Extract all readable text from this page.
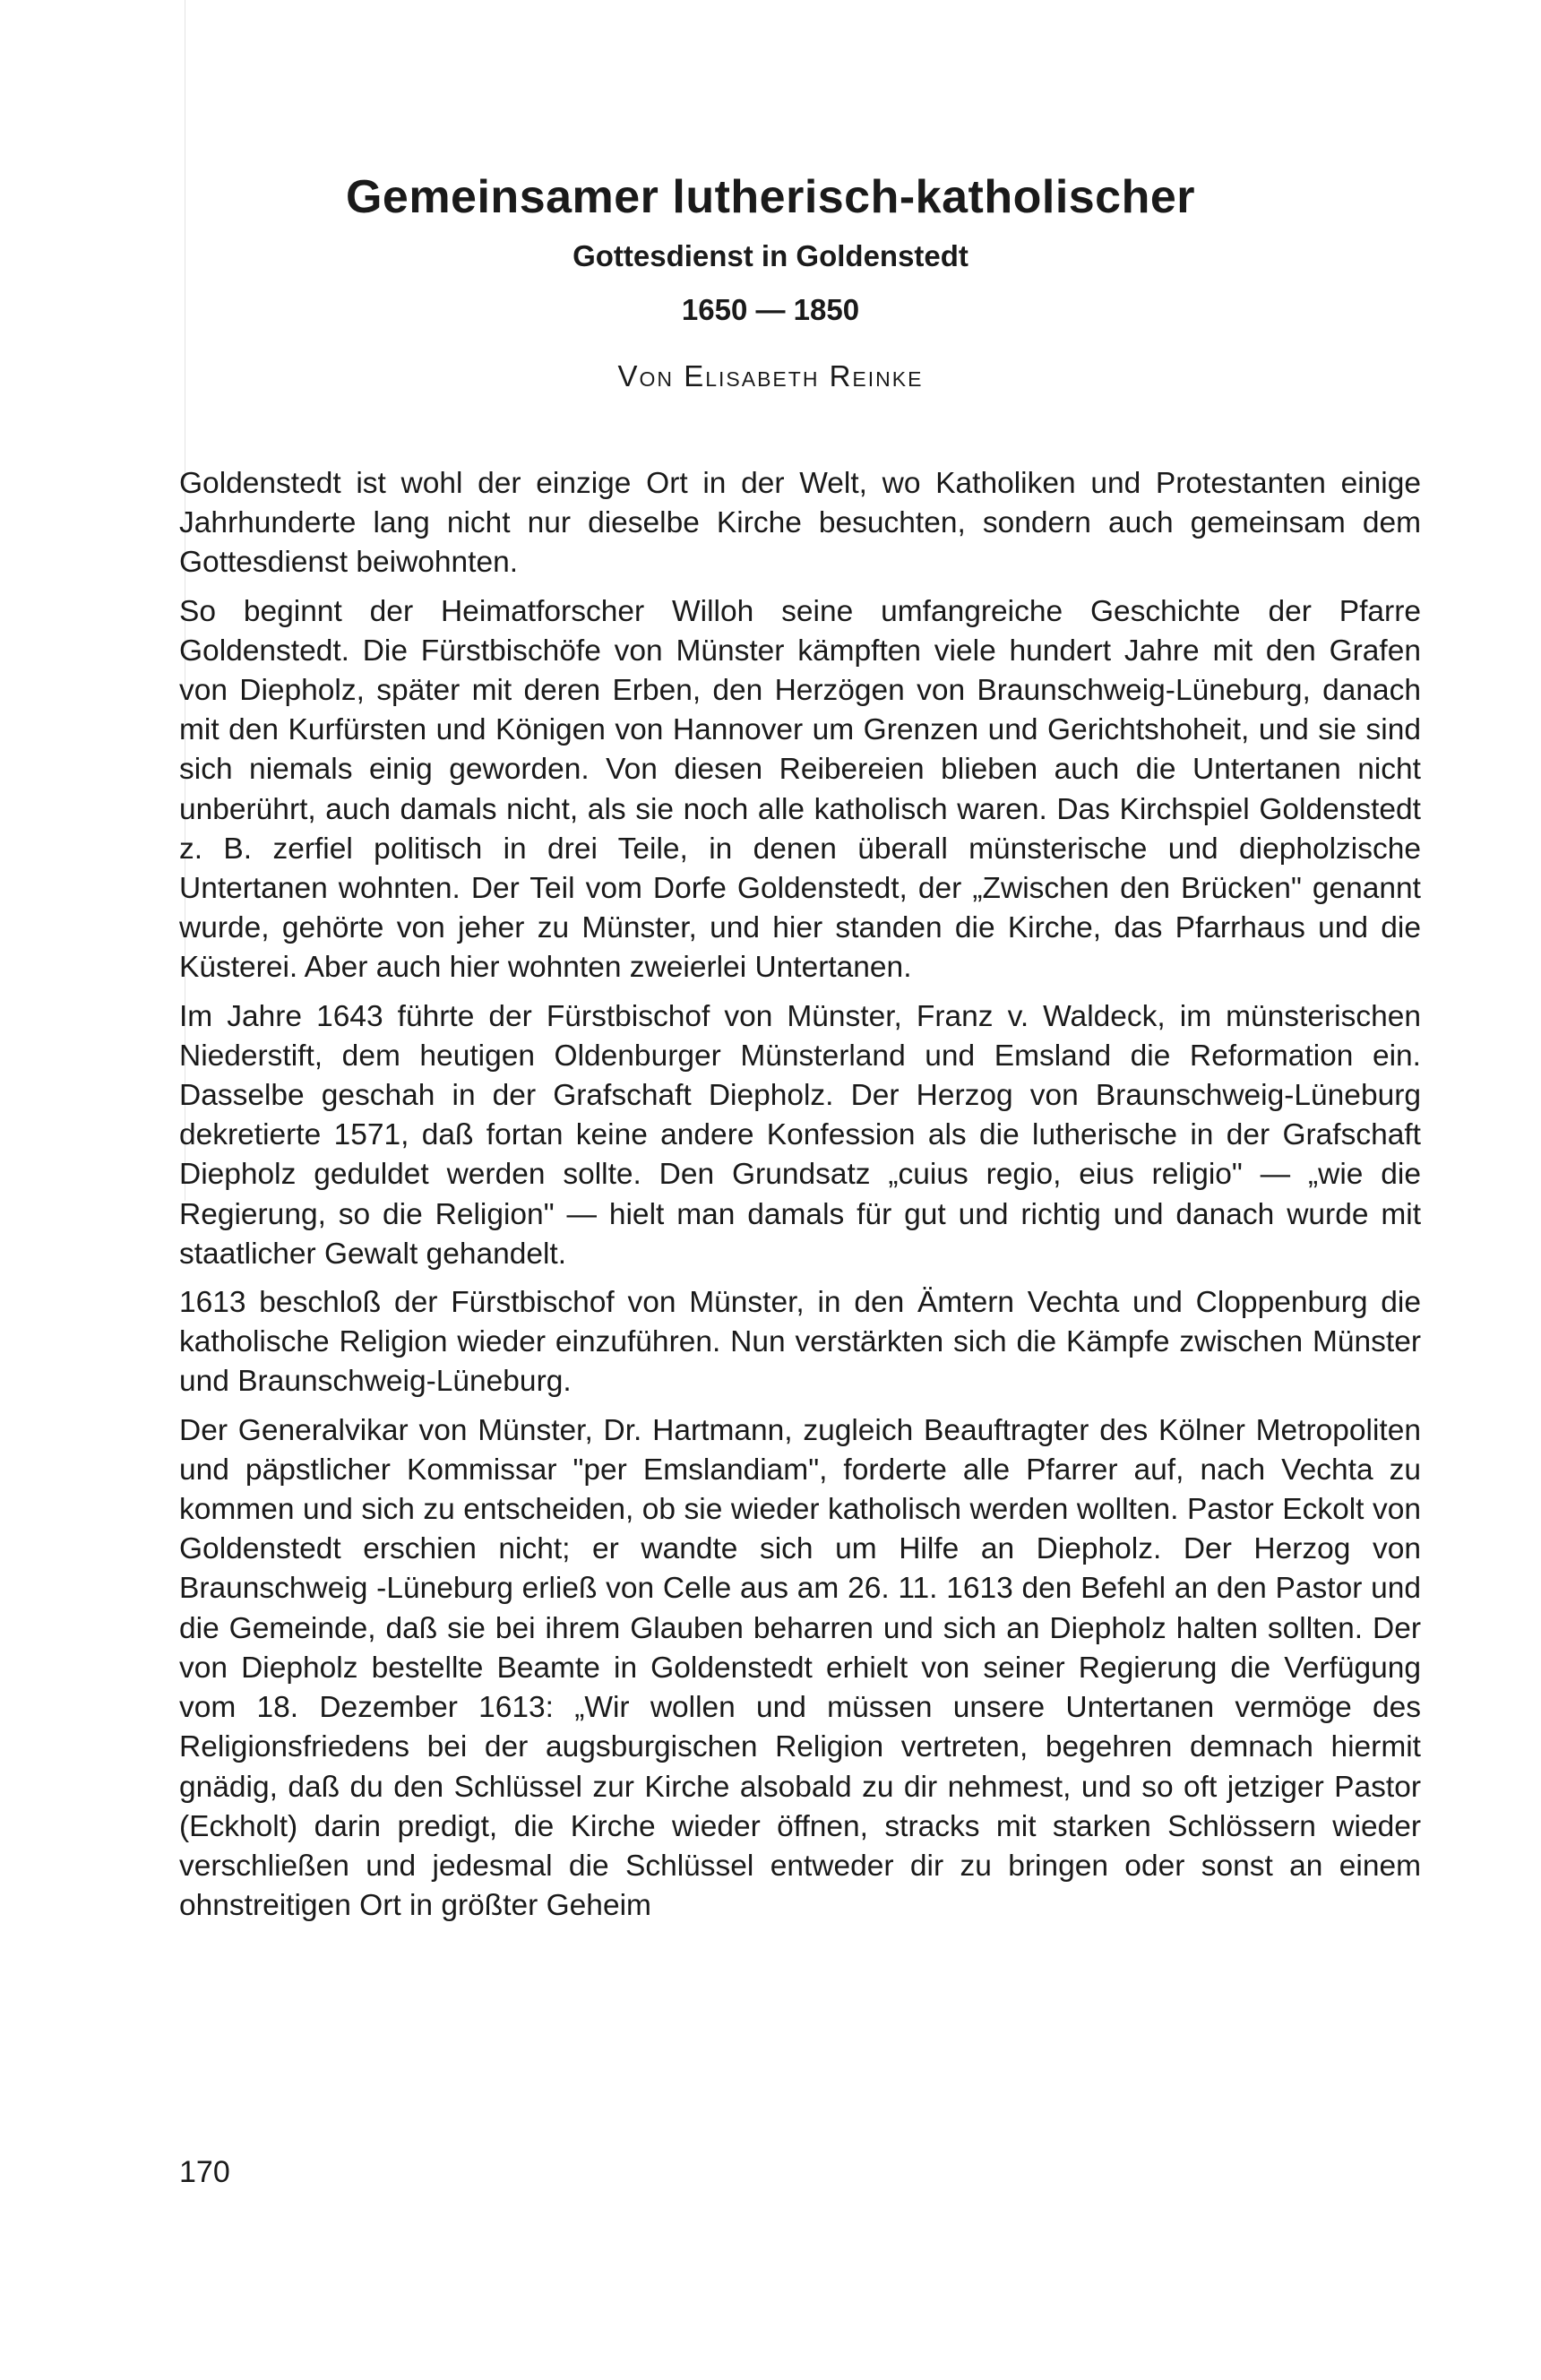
Gemeinsamer lutherisch-katholischer
Gottesdienst in Goldenstedt
1650 — 1850
Von Elisabeth Reinke

Goldenstedt ist wohl der einzige Ort in der Welt, wo Katholiken und Protestanten einige Jahrhunderte lang nicht nur dieselbe Kirche besuchten, sondern auch gemeinsam dem Gottesdienst beiwohnten.

So beginnt der Heimatforscher Willoh seine umfangreiche Geschichte der Pfarre Goldenstedt. Die Fürstbischöfe von Münster kämpften viele hundert Jahre mit den Grafen von Diepholz, später mit deren Erben, den Herzögen von Braunschweig-Lüneburg, danach mit den Kurfürsten und Königen von Hannover um Grenzen und Gerichtshoheit, und sie sind sich niemals einig geworden. Von diesen Reibereien blieben auch die Untertanen nicht unberührt, auch damals nicht, als sie noch alle katholisch waren. Das Kirchspiel Goldenstedt z. B. zerfiel politisch in drei Teile, in denen überall münsterische und diepholzische Untertanen wohnten. Der Teil vom Dorfe Goldenstedt, der „Zwischen den Brücken" genannt wurde, gehörte von jeher zu Münster, und hier standen die Kirche, das Pfarrhaus und die Küsterei. Aber auch hier wohnten zweierlei Untertanen.

Im Jahre 1643 führte der Fürstbischof von Münster, Franz v. Waldeck, im münsterischen Niederstift, dem heutigen Oldenburger Münsterland und Emsland die Reformation ein. Dasselbe geschah in der Grafschaft Diepholz. Der Herzog von Braunschweig-Lüneburg dekretierte 1571, daß fortan keine andere Konfession als die lutherische in der Grafschaft Diepholz geduldet werden sollte. Den Grundsatz „cuius regio, eius religio" — „wie die Regierung, so die Religion" — hielt man damals für gut und richtig und danach wurde mit staatlicher Gewalt gehandelt.

1613 beschloß der Fürstbischof von Münster, in den Ämtern Vechta und Cloppenburg die katholische Religion wieder einzuführen. Nun verstärkten sich die Kämpfe zwischen Münster und Braunschweig-Lüneburg.

Der Generalvikar von Münster, Dr. Hartmann, zugleich Beauftragter des Kölner Metropoliten und päpstlicher Kommissar "per Emslandiam", forderte alle Pfarrer auf, nach Vechta zu kommen und sich zu entscheiden, ob sie wieder katholisch werden wollten. Pastor Eckolt von Goldenstedt erschien nicht; er wandte sich um Hilfe an Diepholz. Der Herzog von Braunschweig -Lüneburg erließ von Celle aus am 26. 11. 1613 den Befehl an den Pastor und die Gemeinde, daß sie bei ihrem Glauben beharren und sich an Diepholz halten sollten. Der von Diepholz bestellte Beamte in Goldenstedt erhielt von seiner Regierung die Verfügung vom 18. Dezember 1613: „Wir wollen und müssen unsere Untertanen vermöge des Religionsfriedens bei der augsburgischen Religion vertreten, begehren demnach hiermit gnädig, daß du den Schlüssel zur Kirche alsobald zu dir nehmest, und so oft jetziger Pastor (Eckholt) darin predigt, die Kirche wieder öffnen, stracks mit starken Schlössern wieder verschließen und jedesmal die Schlüssel entweder dir zu bringen oder sonst an einem ohnstreitigen Ort in größter Geheim

170
